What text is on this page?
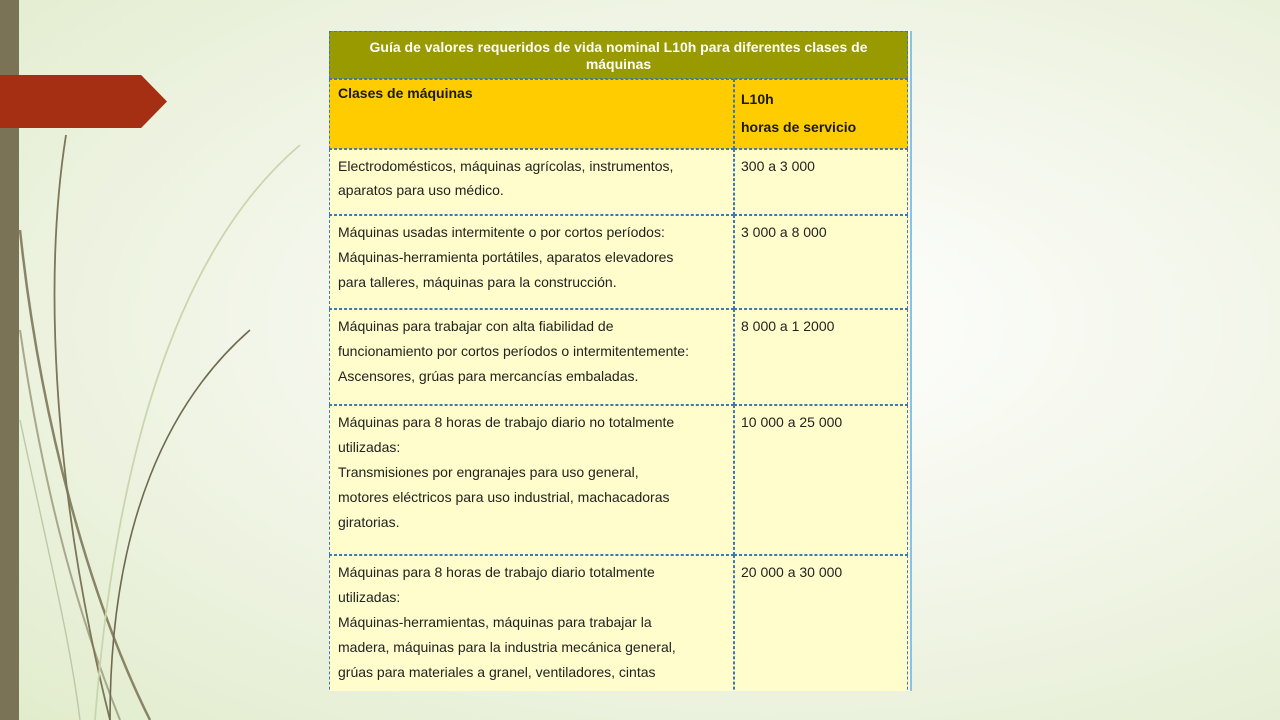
Guía de valores requeridos de vida nominal L10h para diferentes clases de máquinas
Clases de máquinas	L10h
horas de servicio
Electrodomésticos, máquinas agrícolas, instrumentos,
aparatos para uso médico.
300 a 3 000
Máquinas usadas intermitente o por cortos períodos:
Máquinas-herramienta portátiles, aparatos elevadores
para talleres, máquinas para la construcción.
3 000 a 8 000
Máquinas para trabajar con alta fiabilidad de
funcionamiento por cortos períodos o intermitentemente:
Ascensores, grúas para mercancías embaladas.
8 000 a 1 2000
Máquinas para 8 horas de trabajo diario no totalmente
utilizadas:
Transmisiones por engranajes para uso general,
motores eléctricos para uso industrial, machacadoras
giratorias.
10 000 a 25 000
Máquinas para 8 horas de trabajo diario totalmente
utilizadas:
Máquinas-herramientas, máquinas para trabajar la
madera, máquinas para la industria mecánica general,
grúas para materiales a granel, ventiladores, cintas
20 000 a 30 000
